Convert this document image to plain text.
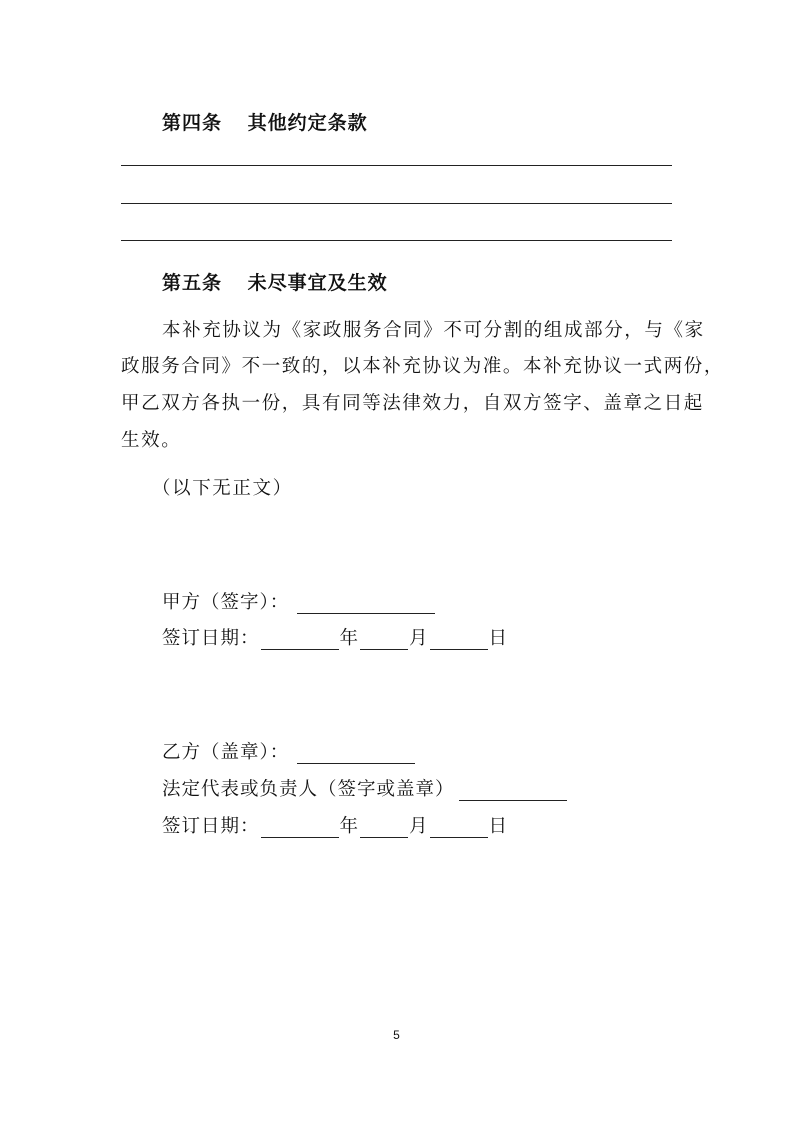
第四条 其他约定条款
第五条 未尽事宜及生效
本补充协议为《家政服务合同》不可分割的组成部分，与《家
政服务合同》不一致的，以本补充协议为准。本补充协议一式两份，
甲乙双方各执一份，具有同等法律效力，自双方签字、盖章之日起
生效。
（以下无正文）
甲方（签字）：
签订日期：	年	月	日
乙方（盖章）：
法定代表或负责人（签字或盖章）
签订日期：	年	月	日
5
